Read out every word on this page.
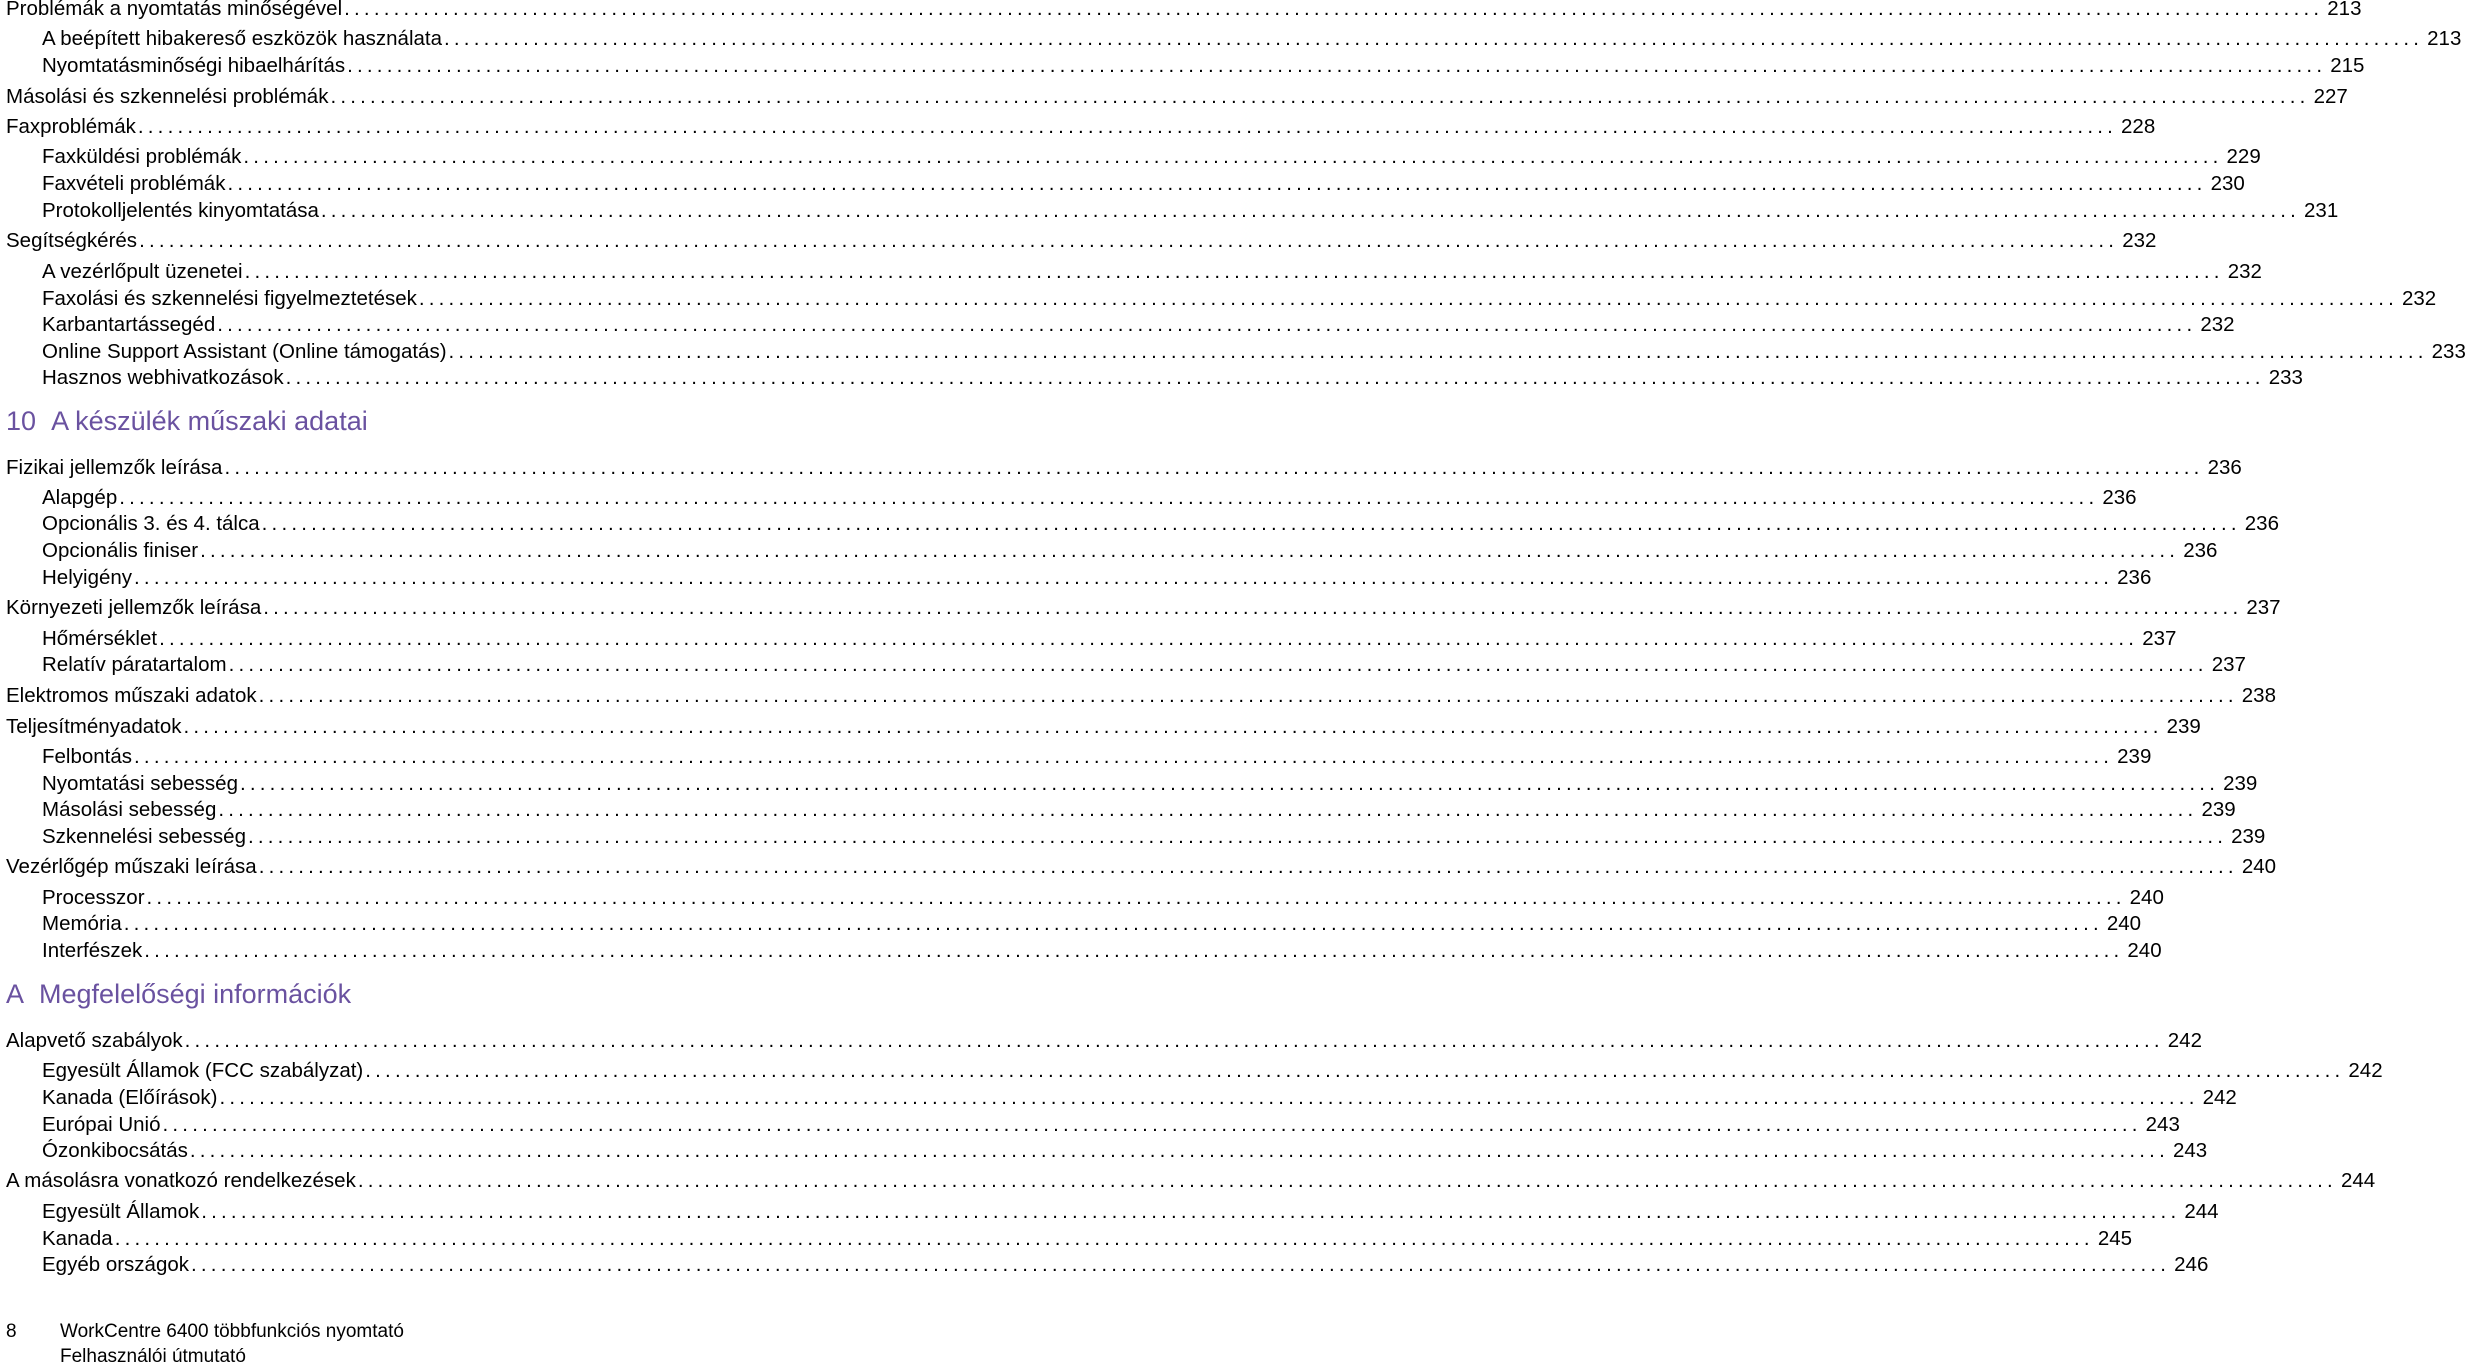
Problémák a nyomtatás minőségével ........................................................................................................................................................................................................ 213
A beépített hibakereső eszközök használata ........................................................................................................................................................................................................ 213
Nyomtatásminőségi hibaelhárítás ........................................................................................................................................................................................................ 215
Másolási és szkennelési problémák ........................................................................................................................................................................................................ 227
Faxproblémák ........................................................................................................................................................................................................ 228
Faxküldési problémák ........................................................................................................................................................................................................ 229
Faxvételi problémák ........................................................................................................................................................................................................ 230
Protokolljelentés kinyomtatása ........................................................................................................................................................................................................ 231
Segítségkérés ........................................................................................................................................................................................................ 232
A vezérlőpult üzenetei ........................................................................................................................................................................................................ 232
Faxolási és szkennelési figyelmeztetések ........................................................................................................................................................................................................ 232
Karbantartássegéd ........................................................................................................................................................................................................ 232
Online Support Assistant (Online támogatás) ........................................................................................................................................................................................................ 233
Hasznos webhivatkozások ........................................................................................................................................................................................................ 233
10 A készülék műszaki adatai
Fizikai jellemzők leírása ........................................................................................................................................................................................................ 236
Alapgép ........................................................................................................................................................................................................ 236
Opcionális 3. és 4. tálca ........................................................................................................................................................................................................ 236
Opcionális finiser ........................................................................................................................................................................................................ 236
Helyigény ........................................................................................................................................................................................................ 236
Környezeti jellemzők leírása ........................................................................................................................................................................................................ 237
Hőmérséklet ........................................................................................................................................................................................................ 237
Relatív páratartalom ........................................................................................................................................................................................................ 237
Elektromos műszaki adatok ........................................................................................................................................................................................................ 238
Teljesítményadatok ........................................................................................................................................................................................................ 239
Felbontás ........................................................................................................................................................................................................ 239
Nyomtatási sebesség ........................................................................................................................................................................................................ 239
Másolási sebesség ........................................................................................................................................................................................................ 239
Szkennelési sebesség ........................................................................................................................................................................................................ 239
Vezérlőgép műszaki leírása ........................................................................................................................................................................................................ 240
Processzor ........................................................................................................................................................................................................ 240
Memória ........................................................................................................................................................................................................ 240
Interfészek ........................................................................................................................................................................................................ 240
A Megfelelőségi információk
Alapvető szabályok ........................................................................................................................................................................................................ 242
Egyesült Államok (FCC szabályzat) ........................................................................................................................................................................................................ 242
Kanada (Előírások) ........................................................................................................................................................................................................ 242
Európai Unió ........................................................................................................................................................................................................ 243
Ózonkibocsátás ........................................................................................................................................................................................................ 243
A másolásra vonatkozó rendelkezések ........................................................................................................................................................................................................ 244
Egyesült Államok ........................................................................................................................................................................................................ 244
Kanada ........................................................................................................................................................................................................ 245
Egyéb országok ........................................................................................................................................................................................................ 246
8 WorkCentre 6400 többfunkciós nyomtató
Felhasználói útmutató
